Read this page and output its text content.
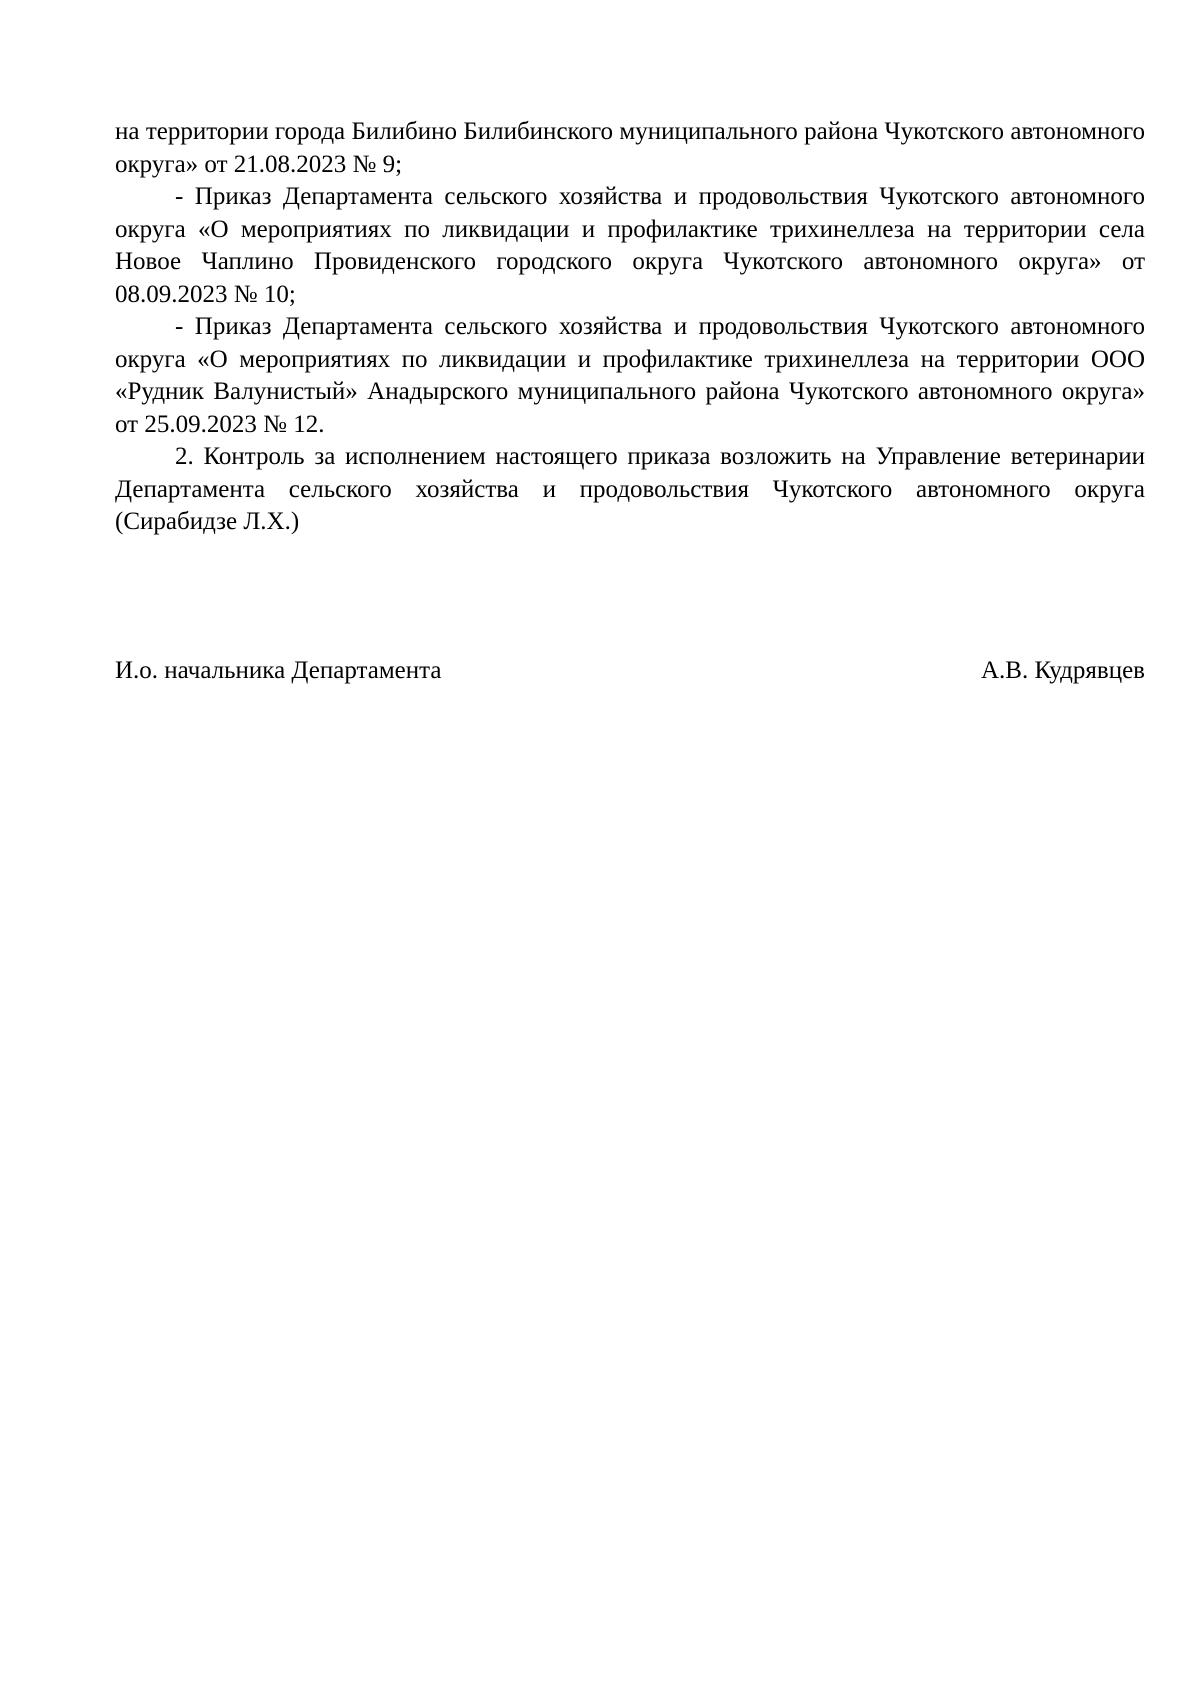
на территории города Билибино Билибинского муниципального района Чукотского автономного округа» от 21.08.2023 № 9;

- Приказ Департамента сельского хозяйства и продовольствия Чукотского автономного округа «О мероприятиях по ликвидации и профилактике трихинеллеза на территории села Новое Чаплино Провиденского городского округа Чукотского автономного округа» от 08.09.2023 № 10;

- Приказ Департамента сельского хозяйства и продовольствия Чукотского автономного округа «О мероприятиях по ликвидации и профилактике трихинеллеза на территории ООО «Рудник Валунистый» Анадырского муниципального района Чукотского автономного округа» от 25.09.2023 № 12.

2. Контроль за исполнением настоящего приказа возложить на Управление ветеринарии Департамента сельского хозяйства и продовольствия Чукотского автономного округа (Сирабидзе Л.Х.)

И.о. начальника Департамента	А.В. Кудрявцев
